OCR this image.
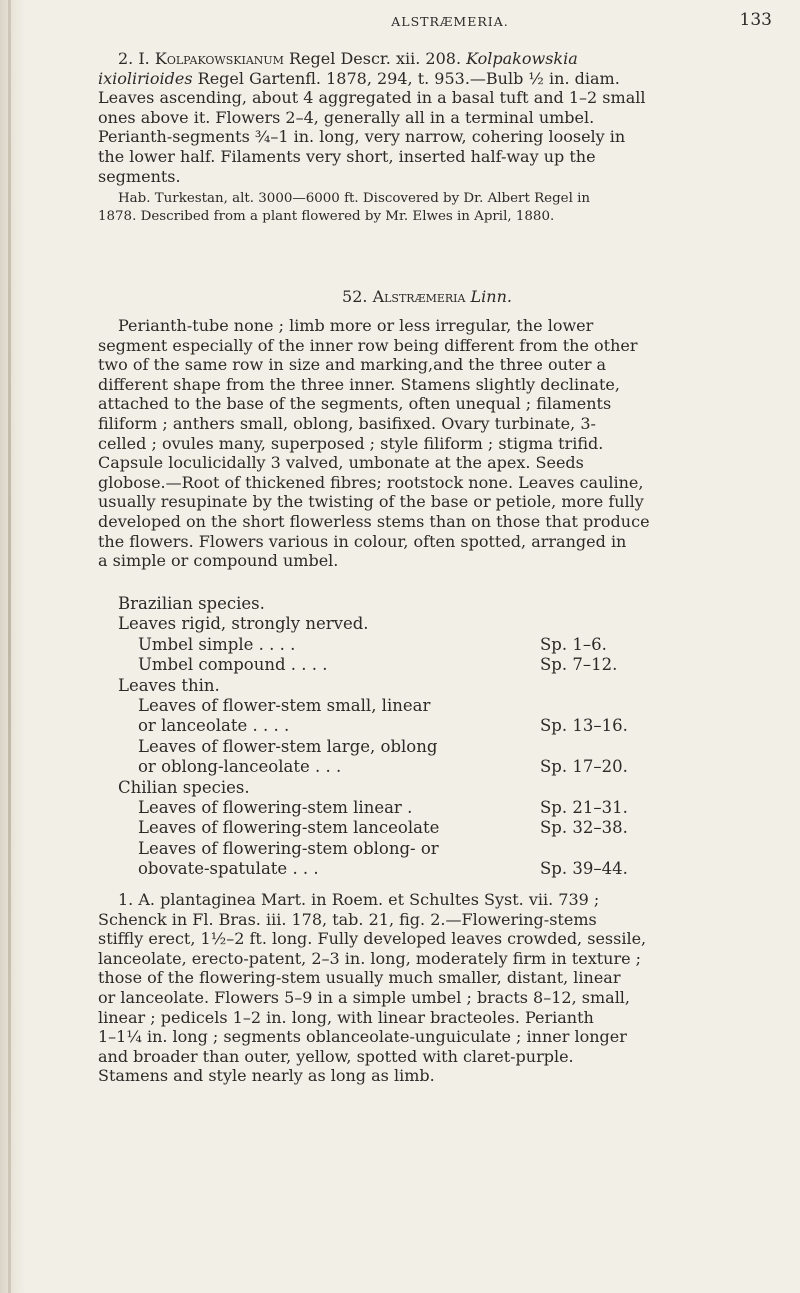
ALSTRÆMERIA.	133

2. I. Kolpakowskianum Regel Descr. xii. 208. Kolpakowskia

ixiolirioides Regel Gartenfl. 1878, 294, t. 953.—Bulb ½ in. diam.

Leaves ascending, about 4 aggregated in a basal tuft and 1–2 small

ones above it. Flowers 2–4, generally all in a terminal umbel.

Perianth-segments ¾–1 in. long, very narrow, cohering loosely in

the lower half. Filaments very short, inserted half-way up the

segments.

Hab. Turkestan, alt. 3000—6000 ft. Discovered by Dr. Albert Regel in

1878. Described from a plant flowered by Mr. Elwes in April, 1880.

52. Alstræmeria Linn.

Perianth-tube none ; limb more or less irregular, the lower

segment especially of the inner row being different from the other

two of the same row in size and marking,and the three outer a

different shape from the three inner. Stamens slightly declinate,

attached to the base of the segments, often unequal ; filaments

filiform ; anthers small, oblong, basifixed. Ovary turbinate, 3-

celled ; ovules many, superposed ; style filiform ; stigma trifid.

Capsule loculicidally 3 valved, umbonate at the apex. Seeds

globose.—Root of thickened fibres; rootstock none. Leaves cauline,

usually resupinate by the twisting of the base or petiole, more fully

developed on the short flowerless stems than on those that produce

the flowers. Flowers various in colour, often spotted, arranged in

a simple or compound umbel.

Brazilian species.
Leaves rigid, strongly nerved.
Umbel simple . . . .	Sp. 1–6.
Umbel compound . . . .	Sp. 7–12.
Leaves thin.
Leaves of flower-stem small, linear
or lanceolate . . . .	Sp. 13–16.
Leaves of flower-stem large, oblong
or oblong-lanceolate . . .	Sp. 17–20.
Chilian species.
Leaves of flowering-stem linear .	Sp. 21–31.
Leaves of flowering-stem lanceolate	Sp. 32–38.
Leaves of flowering-stem oblong- or
obovate-spatulate . . .	Sp. 39–44.

1. A. plantaginea Mart. in Roem. et Schultes Syst. vii. 739 ;

Schenck in Fl. Bras. iii. 178, tab. 21, fig. 2.—Flowering-stems

stiffly erect, 1½–2 ft. long. Fully developed leaves crowded, sessile,

lanceolate, erecto-patent, 2–3 in. long, moderately firm in texture ;

those of the flowering-stem usually much smaller, distant, linear

or lanceolate. Flowers 5–9 in a simple umbel ; bracts 8–12, small,

linear ; pedicels 1–2 in. long, with linear bracteoles. Perianth

1–1¼ in. long ; segments oblanceolate-unguiculate ; inner longer

and broader than outer, yellow, spotted with claret-purple.

Stamens and style nearly as long as limb.
